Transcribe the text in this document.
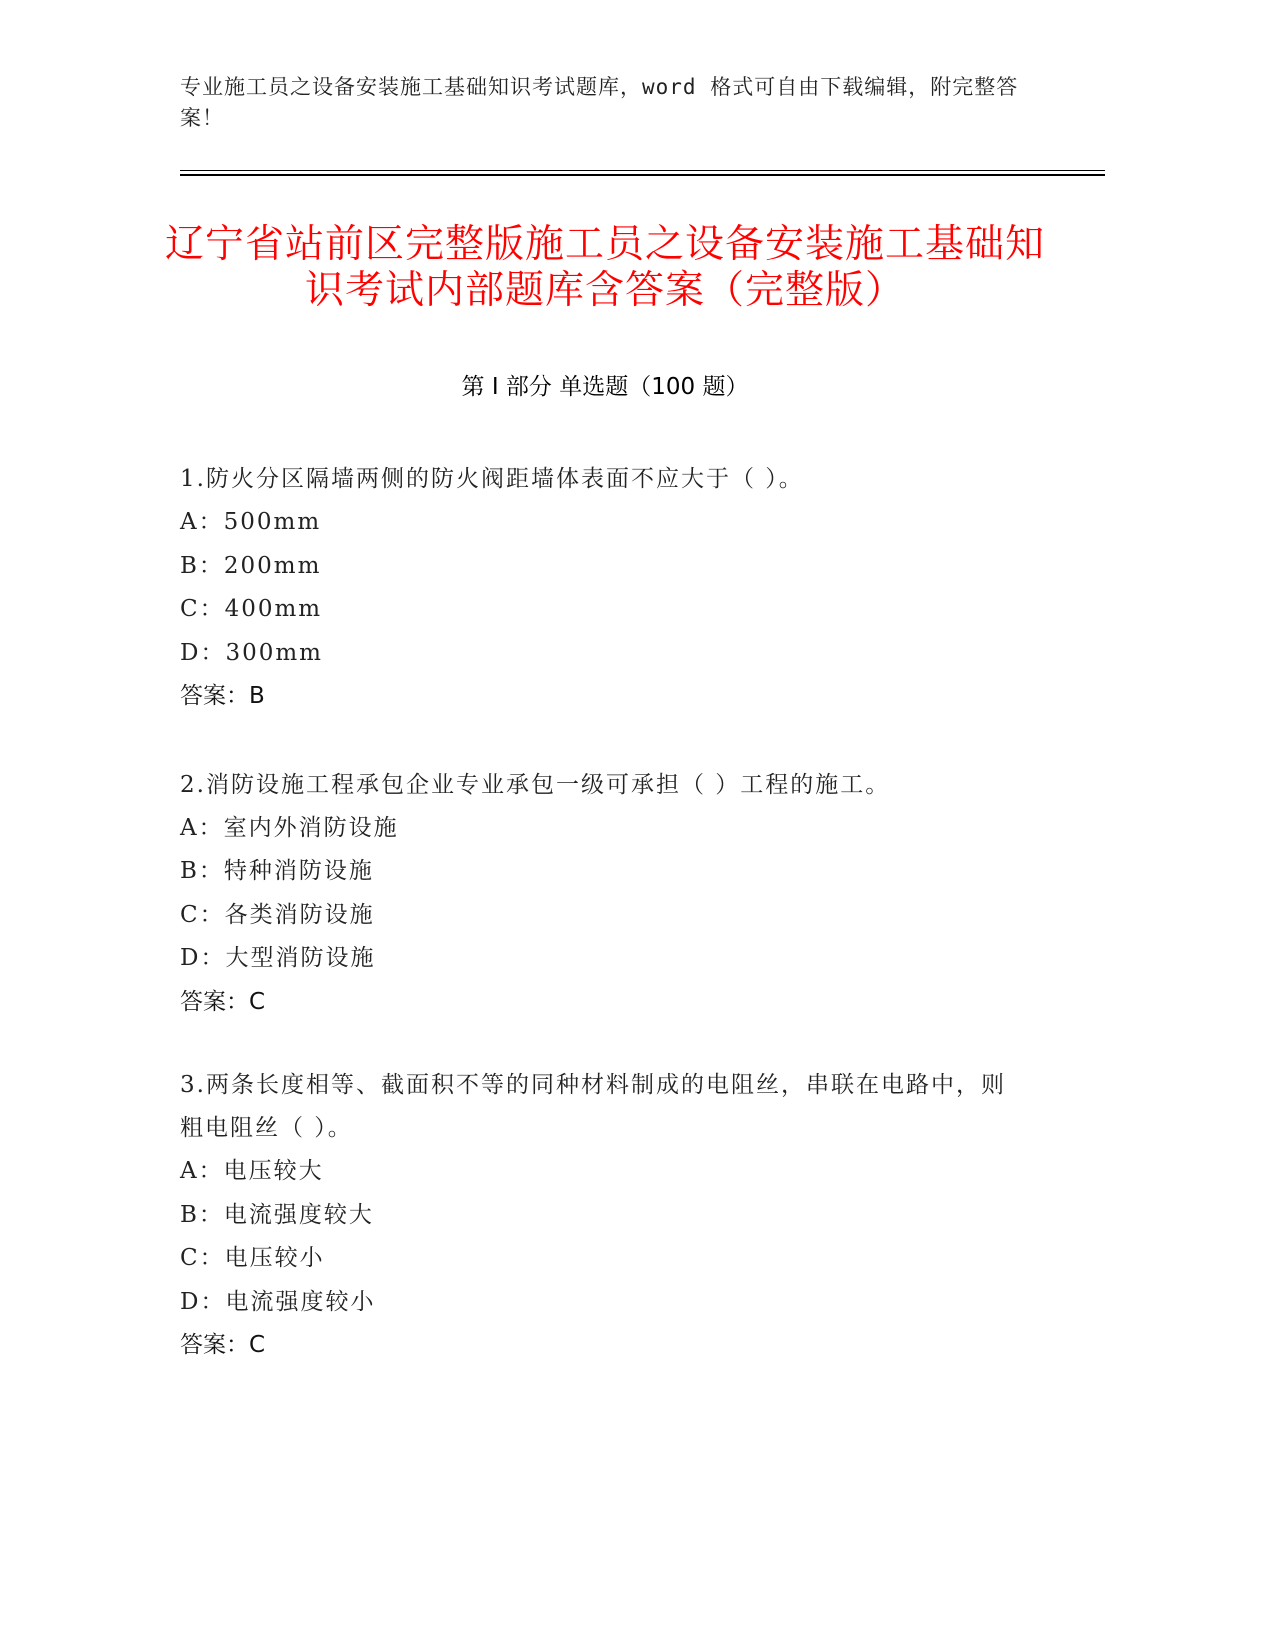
专业施工员之设备安装施工基础知识考试题库，word 格式可自由下载编辑，附完整答案！
辽宁省站前区完整版施工员之设备安装施工基础知识考试内部题库含答案（完整版）
第 I 部分 单选题（100 题）
1.防火分区隔墙两侧的防火阀距墙体表面不应大于（ ）。
A：500mm
B：200mm
C：400mm
D：300mm
答案：B
2.消防设施工程承包企业专业承包一级可承担（ ）工程的施工。
A：室内外消防设施
B：特种消防设施
C：各类消防设施
D：大型消防设施
答案：C
3.两条长度相等、截面积不等的同种材料制成的电阻丝，串联在电路中，则粗电阻丝（ ）。
A：电压较大
B：电流强度较大
C：电压较小
D：电流强度较小
答案：C
